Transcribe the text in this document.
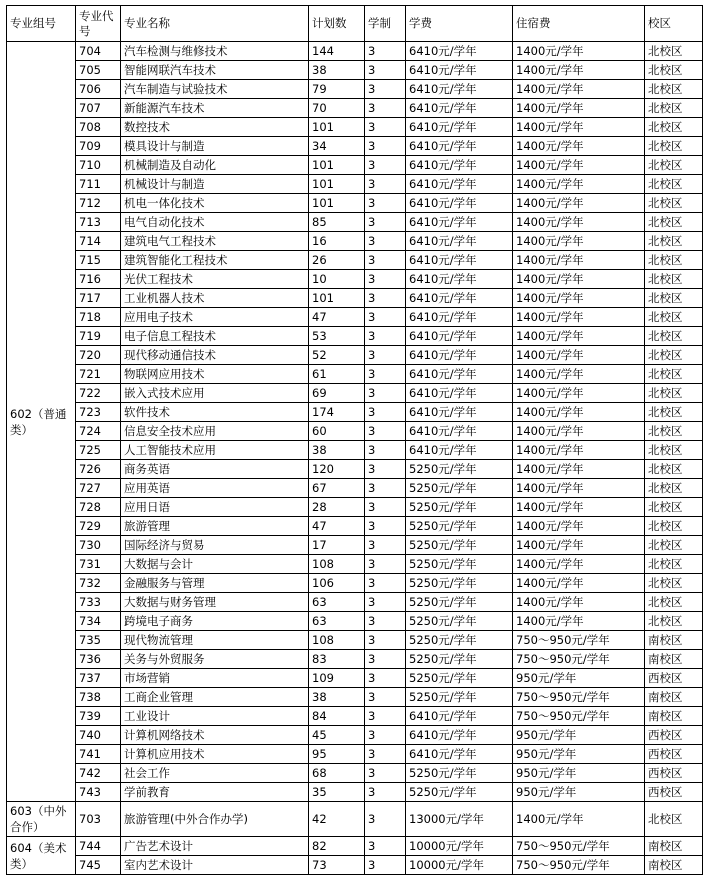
专业组号	专业代号	专业名称	计划数	学制	学费	住宿费	校区
602（普通类）	704	汽车检测与维修技术	144	3	6410元/学年	1400元/学年	北校区
	705	智能网联汽车技术	38	3	6410元/学年	1400元/学年	北校区
	706	汽车制造与试验技术	79	3	6410元/学年	1400元/学年	北校区
	707	新能源汽车技术	70	3	6410元/学年	1400元/学年	北校区
	708	数控技术	101	3	6410元/学年	1400元/学年	北校区
	709	模具设计与制造	34	3	6410元/学年	1400元/学年	北校区
	710	机械制造及自动化	101	3	6410元/学年	1400元/学年	北校区
	711	机械设计与制造	101	3	6410元/学年	1400元/学年	北校区
	712	机电一体化技术	101	3	6410元/学年	1400元/学年	北校区
	713	电气自动化技术	85	3	6410元/学年	1400元/学年	北校区
	714	建筑电气工程技术	16	3	6410元/学年	1400元/学年	北校区
	715	建筑智能化工程技术	26	3	6410元/学年	1400元/学年	北校区
	716	光伏工程技术	10	3	6410元/学年	1400元/学年	北校区
	717	工业机器人技术	101	3	6410元/学年	1400元/学年	北校区
	718	应用电子技术	47	3	6410元/学年	1400元/学年	北校区
	719	电子信息工程技术	53	3	6410元/学年	1400元/学年	北校区
	720	现代移动通信技术	52	3	6410元/学年	1400元/学年	北校区
	721	物联网应用技术	61	3	6410元/学年	1400元/学年	北校区
	722	嵌入式技术应用	69	3	6410元/学年	1400元/学年	北校区
	723	软件技术	174	3	6410元/学年	1400元/学年	北校区
	724	信息安全技术应用	60	3	6410元/学年	1400元/学年	北校区
	725	人工智能技术应用	38	3	6410元/学年	1400元/学年	北校区
	726	商务英语	120	3	5250元/学年	1400元/学年	北校区
	727	应用英语	67	3	5250元/学年	1400元/学年	北校区
	728	应用日语	28	3	5250元/学年	1400元/学年	北校区
	729	旅游管理	47	3	5250元/学年	1400元/学年	北校区
	730	国际经济与贸易	17	3	5250元/学年	1400元/学年	北校区
	731	大数据与会计	108	3	5250元/学年	1400元/学年	北校区
	732	金融服务与管理	106	3	5250元/学年	1400元/学年	北校区
	733	大数据与财务管理	63	3	5250元/学年	1400元/学年	北校区
	734	跨境电子商务	63	3	5250元/学年	1400元/学年	北校区
	735	现代物流管理	108	3	5250元/学年	750～950元/学年	南校区
	736	关务与外贸服务	83	3	5250元/学年	750～950元/学年	南校区
	737	市场营销	109	3	5250元/学年	950元/学年	西校区
	738	工商企业管理	38	3	5250元/学年	750～950元/学年	南校区
	739	工业设计	84	3	6410元/学年	750～950元/学年	南校区
	740	计算机网络技术	45	3	6410元/学年	950元/学年	西校区
	741	计算机应用技术	95	3	6410元/学年	950元/学年	西校区
	742	社会工作	68	3	5250元/学年	950元/学年	西校区
	743	学前教育	35	3	5250元/学年	950元/学年	西校区
603（中外合作）	703	旅游管理(中外合作办学)	42	3	13000元/学年	1400元/学年	北校区
604（美术类）	744	广告艺术设计	82	3	10000元/学年	750～950元/学年	南校区
	745	室内艺术设计	73	3	10000元/学年	750～950元/学年	南校区
